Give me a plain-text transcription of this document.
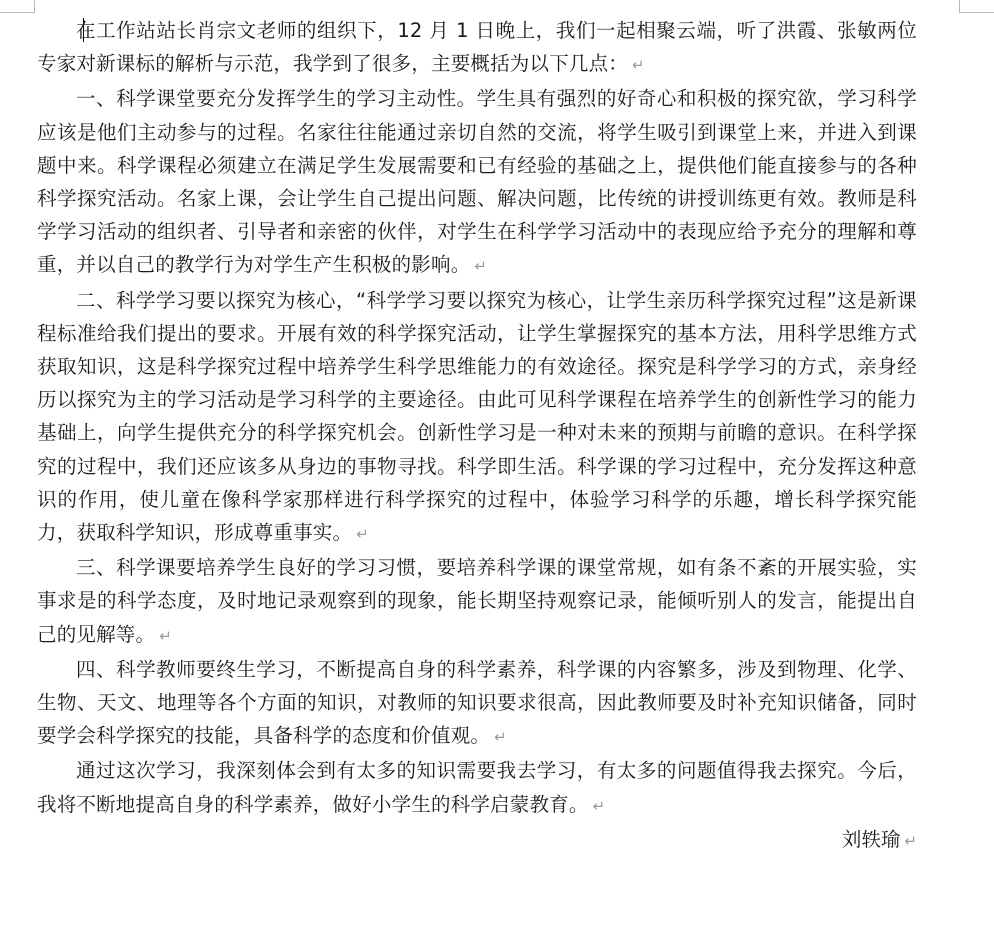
在工作站站长肖宗文老师的组织下，12 月 1 日晚上，我们一起相聚云端，听了洪霞、张敏两位专家对新课标的解析与示范，我学到了很多，主要概括为以下几点： ↵

一、科学课堂要充分发挥学生的学习主动性。学生具有强烈的好奇心和积极的探究欲，学习科学应该是他们主动参与的过程。名家往往能通过亲切自然的交流，将学生吸引到课堂上来，并进入到课题中来。科学课程必须建立在满足学生发展需要和已有经验的基础之上，提供他们能直接参与的各种科学探究活动。名家上课，会让学生自己提出问题、解决问题，比传统的讲授训练更有效。教师是科学学习活动的组织者、引导者和亲密的伙伴，对学生在科学学习活动中的表现应给予充分的理解和尊重，并以自己的教学行为对学生产生积极的影响。 ↵

二、科学学习要以探究为核心，“科学学习要以探究为核心，让学生亲历科学探究过程”这是新课程标准给我们提出的要求。开展有效的科学探究活动，让学生掌握探究的基本方法，用科学思维方式获取知识，这是科学探究过程中培养学生科学思维能力的有效途径。探究是科学学习的方式，亲身经历以探究为主的学习活动是学习科学的主要途径。由此可见科学课程在培养学生的创新性学习的能力基础上，向学生提供充分的科学探究机会。创新性学习是一种对未来的预期与前瞻的意识。在科学探究的过程中，我们还应该多从身边的事物寻找。科学即生活。科学课的学习过程中，充分发挥这种意识的作用，使儿童在像科学家那样进行科学探究的过程中，体验学习科学的乐趣，增长科学探究能力，获取科学知识，形成尊重事实。 ↵

三、科学课要培养学生良好的学习习惯，要培养科学课的课堂常规，如有条不紊的开展实验，实事求是的科学态度，及时地记录观察到的现象，能长期坚持观察记录，能倾听别人的发言，能提出自己的见解等。 ↵

四、科学教师要终生学习，不断提高自身的科学素养，科学课的内容繁多，涉及到物理、化学、生物、天文、地理等各个方面的知识，对教师的知识要求很高，因此教师要及时补充知识储备，同时要学会科学探究的技能，具备科学的态度和价值观。 ↵

通过这次学习，我深刻体会到有太多的知识需要我去学习，有太多的问题值得我去探究。今后，我将不断地提高自身的科学素养，做好小学生的科学启蒙教育。 ↵

刘轶瑜 ↵
